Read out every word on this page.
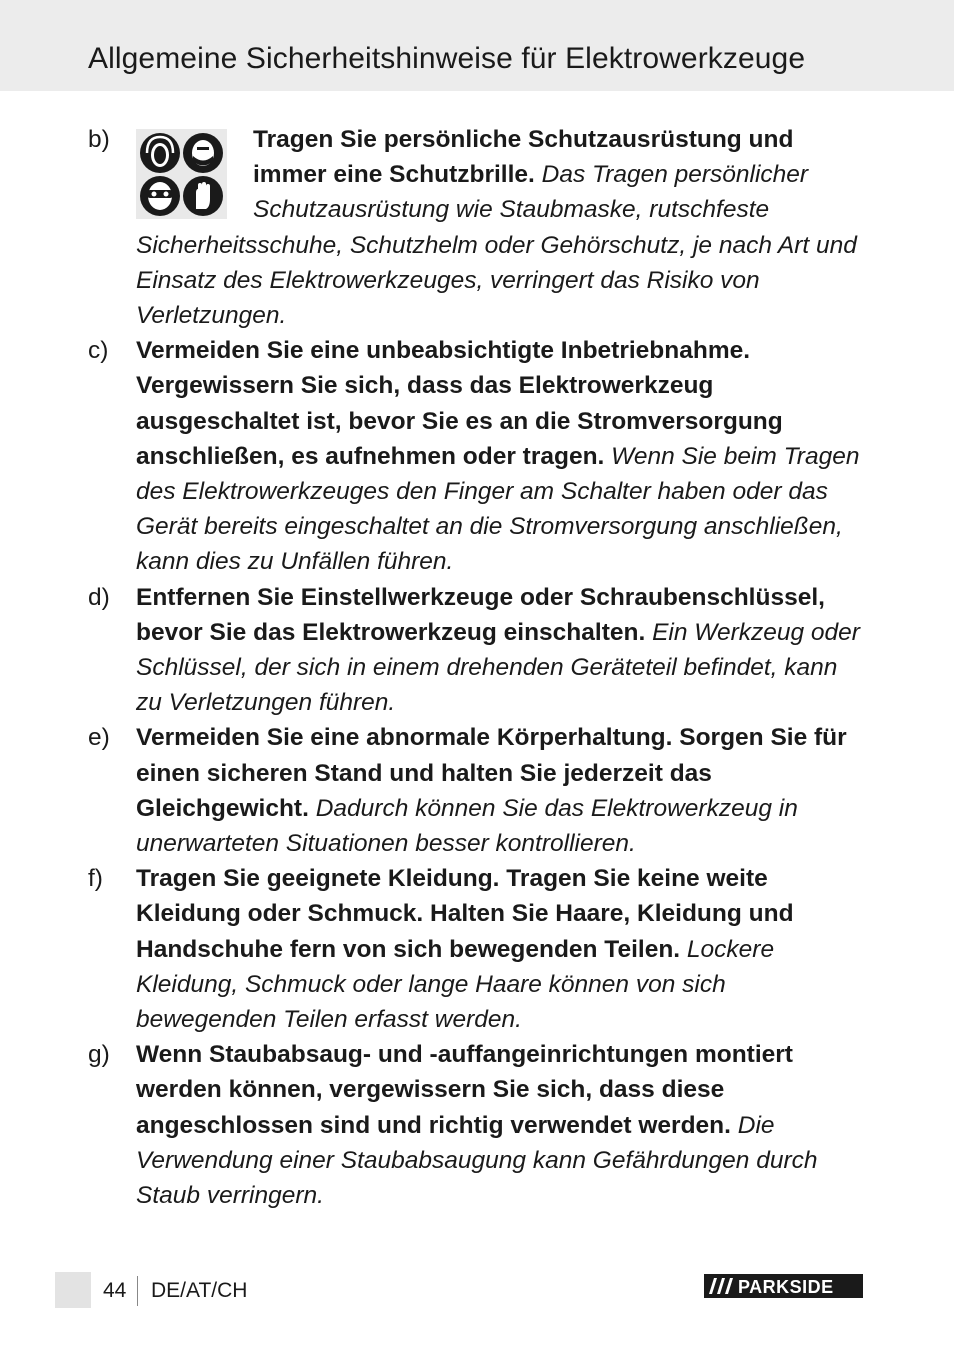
Allgemeine Sicherheitshinweise für Elektrowerkzeuge
b)	Tragen Sie persönliche Schutzausrüstung und immer eine Schutzbrille. Das Tragen persönlicher Schutzausrüstung wie Staubmaske, rutschfeste Sicherheitsschuhe, Schutzhelm oder Gehörschutz, je nach Art und Einsatz des Elektrowerkzeuges, verringert das Risiko von Verletzungen.
c) Vermeiden Sie eine unbeabsichtigte Inbetriebnahme. Vergewissern Sie sich, dass das Elektrowerkzeug ausgeschaltet ist, bevor Sie es an die Stromversorgung anschließen, es aufnehmen oder tragen. Wenn Sie beim Tragen des Elektrowerkzeuges den Finger am Schalter haben oder das Gerät bereits eingeschaltet an die Stromversorgung anschließen, kann dies zu Unfällen führen.
d) Entfernen Sie Einstellwerkzeuge oder Schraubenschlüssel, bevor Sie das Elektrowerkzeug einschalten. Ein Werkzeug oder Schlüssel, der sich in einem drehenden Geräteteil befindet, kann zu Verletzungen führen.
e) Vermeiden Sie eine abnormale Körperhaltung. Sorgen Sie für einen sicheren Stand und halten Sie jederzeit das Gleichgewicht. Dadurch können Sie das Elektrowerkzeug in unerwarteten Situationen besser kontrollieren.
f) Tragen Sie geeignete Kleidung. Tragen Sie keine weite Kleidung oder Schmuck. Halten Sie Haare, Kleidung und Handschuhe fern von sich bewegenden Teilen. Lockere Kleidung, Schmuck oder lange Haare können von sich bewegenden Teilen erfasst werden.
g) Wenn Staubabsaug- und -auffangeinrichtungen montiert werden können, vergewissern Sie sich, dass diese angeschlossen sind und richtig verwendet werden. Die Verwendung einer Staubabsaugung kann Gefährdungen durch Staub verringern.
44 DE/AT/CH	PARKSIDE
